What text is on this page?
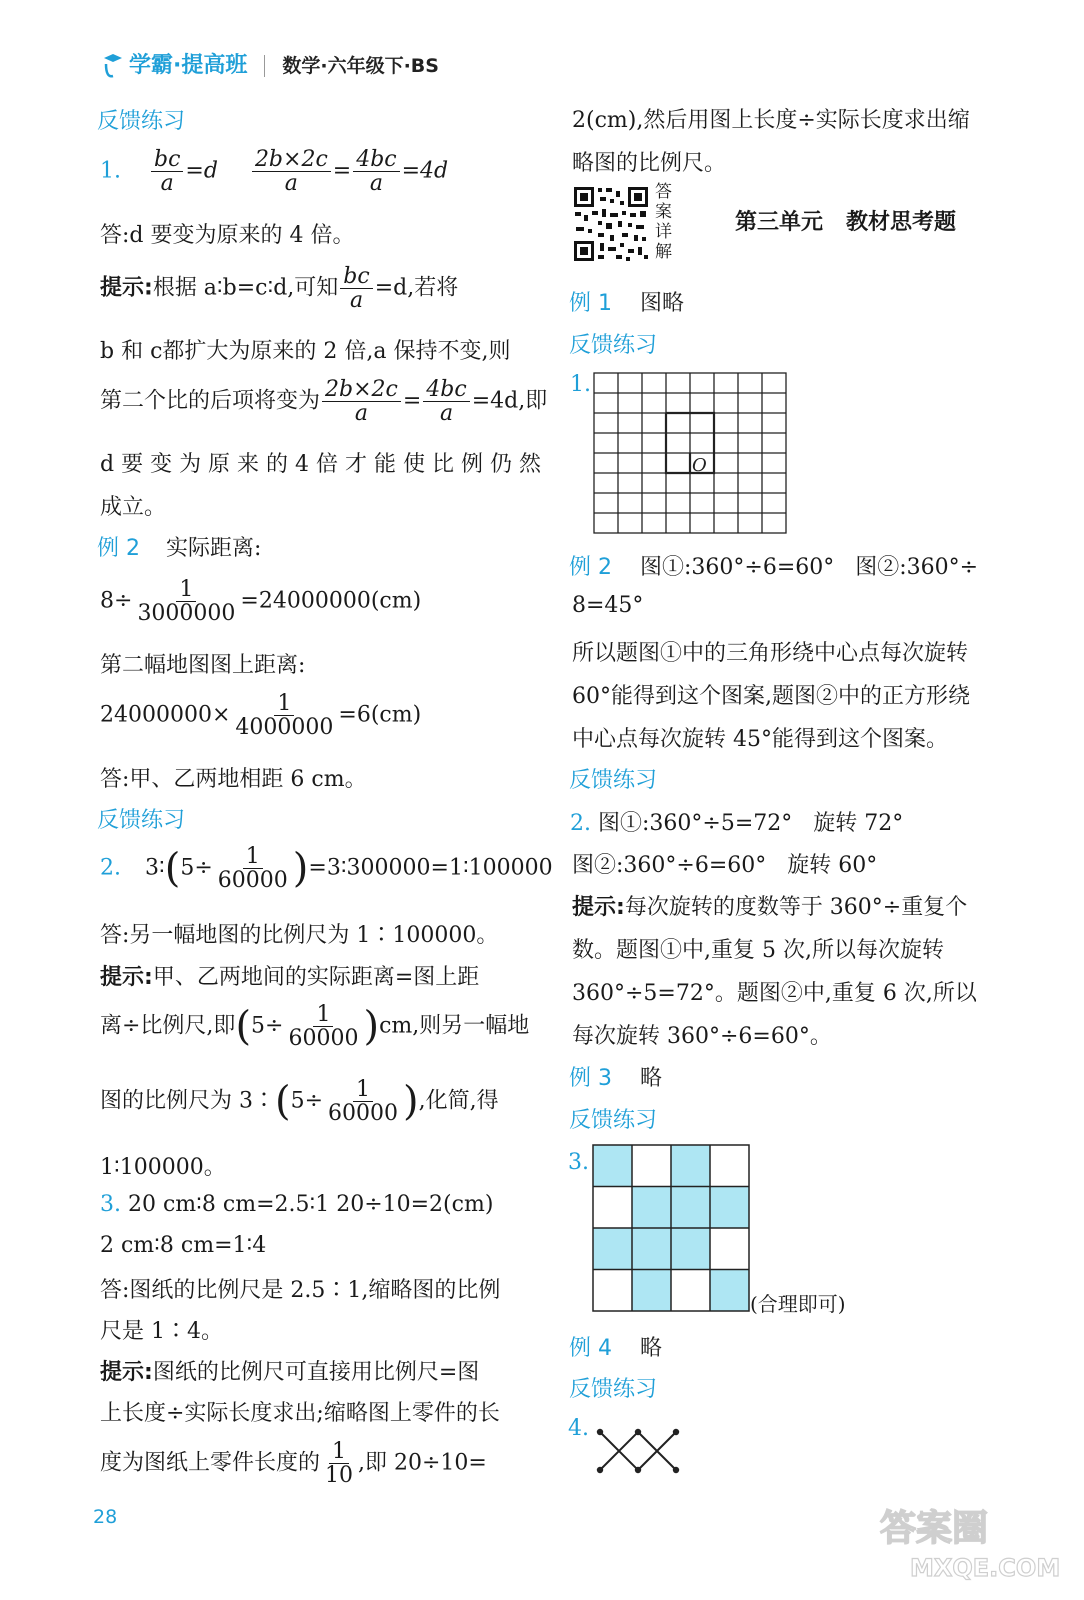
学霸·提高班 数学·六年级下·BS
反馈练习
1. $\frac{bc}{a} =d \frac{2b\times 2c}{a} = \frac{4bc}{a} =4d$
答:d 要变为原来的 4 倍。
提示:根据 a∶b=c∶d,可知 $\frac{bc}{a} =d$,若将
b 和 c都扩大为原来的 2 倍,a 保持不变,则
第二个比的后项将变为 $\frac{2b\times 2c}{a} = \frac{4bc}{a} =4d$,即
d 要 变 为 原 来 的 4 倍 才 能 使 比 例 仍 然
成立。
例 2 实际距离:
$8\div \frac{1}{3000000} =24000000(cm)$
第二幅地图图上距离:
$24000000\times \frac{1}{4000000} =6(cm)$
答:甲、乙两地相距 6 cm。
反馈练习
2. 3∶(5÷ $\frac{1}{60000}$ )=3∶300000=1∶100000
答:另一幅地图的比例尺为 1∶100000。
提示:甲、乙两地间的实际距离=图上距
离÷比例尺,即$(5\div \frac{1}{60000} )cm$,则另一幅地
图的比例尺为 3∶(5÷ $\frac{1}{60000}$ ),化简,得
1∶100000。
3. 20 cm∶8 cm=2.5∶1 20÷10=2(cm)
2 cm∶8 cm=1∶4
答:图纸的比例尺是 2.5∶1,缩略图的比例
尺是 1∶4。
提示:图纸的比例尺可直接用比例尺=图
上长度÷实际长度求出;缩略图上零件的长
度为图纸上零件长度的 $\frac{1}{10}$ ,即 20÷10=
28
2(cm),然后用图上长度÷实际长度求出缩
略图的比例尺。
答案详解
第三单元   教材思考题
例 1 图略
反馈练习
1.
O
例 2 图①:360°÷6=60°   图②:360°÷
8=45°
所以题图①中的三角形绕中心点每次旋转
60°能得到这个图案,题图②中的正方形绕
中心点每次旋转 45°能得到这个图案。
反馈练习
2. 图①:360°÷5=72°   旋转 72°
图②:360°÷6=60°   旋转 60°
提示:每次旋转的度数等于 360°÷重复个
数。题图①中,重复 5 次,所以每次旋转
360°÷5=72°。题图②中,重复 6 次,所以
每次旋转 360°÷6=60°。
例 3 略
反馈练习
3.
(合理即可)
例 4 略
反馈练习
4.
答案圈
MXQE.COM
